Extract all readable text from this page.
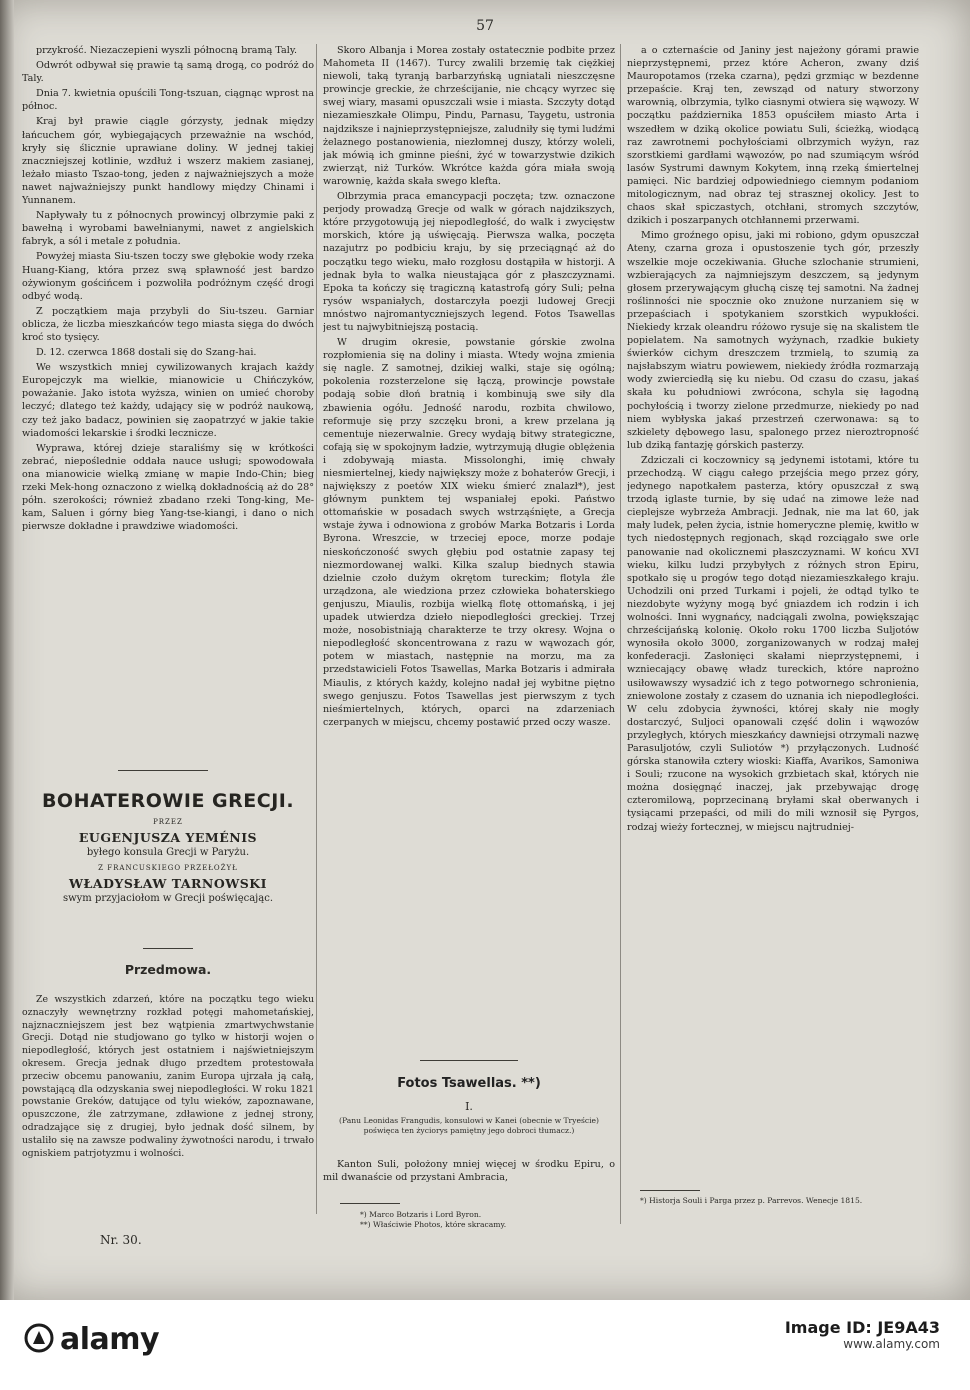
57

przykrość. Niezaczepieni wyszli północną bramą Taly.

Odwrót odbywał się prawie tą samą drogą, co podróż do Taly.

Dnia 7. kwietnia opuścili Tong-tszuan, ciągnąc wprost na północ.

Kraj był prawie ciągle górzysty, jednak między łańcuchem gór, wybiegających przeważnie na wschód, kryły się ślicznie uprawiane doliny. W jednej takiej znaczniejszej kotlinie, wzdłuż i wszerz makiem zasianej, leżało miasto Tszao-tong, jeden z najważniejszych a może nawet najważniejszy punkt handlowy między Chinami i Yunnanem.

Napływały tu z północnych prowincyj olbrzymie paki z bawełną i wyrobami bawełnianymi, nawet z angielskich fabryk, a sól i metale z południa.

Powyżej miasta Siu-tszen toczy swe głębokie wody rzeka Huang-Kiang, która przez swą spławność jest bardzo ożywionym gościńcem i pozwoliła podróżnym część drogi odbyć wodą.

Z początkiem maja przybyli do Siu-tszeu. Garniar oblicza, że liczba mieszkańców tego miasta sięga do dwóch kroć sto tysięcy.

D. 12. czerwca 1868 dostali się do Szang-hai.

We wszystkich mniej cywilizowanych krajach każdy Europejczyk ma wielkie, mianowicie u Chińczyków, poważanie. Jako istota wyższa, winien on umieć choroby leczyć; dlatego też każdy, udający się w podróż naukową, czy też jako badacz, powinien się zaopatrzyć w jakie takie wiadomości lekarskie i środki lecznicze.

Wyprawa, której dzieje staraliśmy się w krótkości zebrać, niepoślednie oddała nauce usługi; spowodowała ona mianowicie wielką zmianę w mapie Indo-Chin; bieg rzeki Mek-hong oznaczono z wielką dokładnością aż do 28° półn. szerokości; również zbadano rzeki Tong-king, Me-kam, Saluen i górny bieg Yang-tse-kiangi, i dano o nich pierwsze dokładne i prawdziwe wiadomości.

BOHATEROWIE GRECJI.
PRZEZ
EUGENJUSZA YEMÉNIS
byłego konsula Grecji w Paryżu.
Z FRANCUSKIEGO PRZEŁOŻYŁ
WŁADYSŁAW TARNOWSKI
swym przyjaciołom w Grecji poświęcając.
Przedmowa.

Ze wszystkich zdarzeń, które na początku tego wieku oznaczyły wewnętrzny rozkład potęgi mahometańskiej, najznaczniejszem jest bez wątpienia zmartwychwstanie Grecji. Dotąd nie studjowano go tylko w historji wojen o niepodległość, których jest ostatniem i najświetniejszym okresem. Grecja jednak długo przedtem protestowała przeciw obcemu panowaniu, zanim Europa ujrzała ją całą, powstającą dla odzyskania swej niepodległości. W roku 1821 powstanie Greków, datujące od tylu wieków, zapoznawane, opuszczone, źle zatrzymane, zdławione z jednej strony, odradzające się z drugiej, było jednak dość silnem, by ustaliło się na zawsze podwaliny żywotności narodu, i trwało ogniskiem patrjotyzmu i wolności.

Nr. 30.

Skoro Albanja i Morea zostały ostatecznie podbite przez Mahometa II (1467). Turcy zwalili brzemię tak ciężkiej niewoli, taką tyranją barbarzyńską ugniatali nieszczęsne prowincje greckie, że chrześcijanie, nie chcący wyrzec się swej wiary, masami opuszczali wsie i miasta. Szczyty dotąd niezamieszkałe Olimpu, Pindu, Parnasu, Taygetu, ustronia najdziksze i najnieprzystępniejsze, zaludniły się tymi ludźmi żelaznego postanowienia, niezłomnej duszy, którzy woleli, jak mówią ich gminne pieśni, żyć w towarzystwie dzikich zwierząt, niż Turków. Wkrótce każda góra miała swoją warownię, każda skała swego klefta.

Olbrzymia praca emancypacji poczęta; tzw. oznaczone perjody prowadzą Grecje od walk w górach najdzikszych, które przygotowują jej niepodległość, do walk i zwycięstw morskich, które ją uświęcają. Pierwsza walka, poczęta nazajutrz po podbiciu kraju, by się przeciągnąć aż do początku tego wieku, mało rozgłosu dostąpiła w historji. A jednak była to walka nieustająca gór z płaszczyznami. Epoka ta kończy się tragiczną katastrofą góry Suli; pełna rysów wspaniałych, dostarczyła poezji ludowej Grecji mnóstwo najromantyczniejszych legend. Fotos Tsawellas jest tu najwybitniejszą postacią.

W drugim okresie, powstanie górskie zwolna rozpłomienia się na doliny i miasta. Wtedy wojna zmienia się nagle. Z samotnej, dzikiej walki, staje się ogólną; pokolenia rozsterzelone się łączą, prowincje powstałe podają sobie dłoń bratnią i kombinują swe siły dla zbawienia ogółu. Jedność narodu, rozbita chwilowo, reformuje się przy szczęku broni, a krew przelana ją cementuje niezerwalnie. Grecy wydają bitwy strategiczne, cofają się w spokojnym ładzie, wytrzymują długie oblężenia i zdobywają miasta. Missolonghi, imię chwały niesmiertelnej, kiedy największy może z bohaterów Grecji, i największy z poetów XIX wieku śmierć znalazł*), jest głównym punktem tej wspaniałej epoki. Państwo ottomańskie w posadach swych wstrząśnięte, a Grecja wstaje żywa i odnowiona z grobów Marka Botzaris i Lorda Byrona. Wreszcie, w trzeciej epoce, morze podaje nieskończoność swych głębiu pod ostatnie zapasy tej niezmordowanej walki. Kilka szalup biednych stawia dzielnie czoło dużym okrętom tureckim; flotyla źle urządzona, ale wiedziona przez człowieka bohaterskiego genjuszu, Miaulis, rozbija wielką flotę ottomańską, i jej upadek utwierdza dzieło niepodległości greckiej. Trzej może, nosobistniają charakterze te trzy okresy. Wojna o niepodległość skoncentrowana z razu w wąwozach gór, potem w miastach, następnie na morzu, ma za przedstawicieli Fotos Tsawellas, Marka Botzaris i admirała Miaulis, z których każdy, kolejno nadał jej wybitne piętno swego genjuszu. Fotos Tsawellas jest pierwszym z tych nieśmiertelnych, których, oparci na zdarzeniach czerpanych w miejscu, chcemy postawić przed oczy wasze.

Fotos Tsawellas. **)
I.
(Panu Leonidas Frangudis, konsulowi w Kanei (obecnie w Tryeście) poświęca ten życiorys pamiętny jego dobroci tłumacz.)

Kanton Suli, położony mniej więcej w środku Epiru, o mil dwanaście od przystani Ambracia,

*) Marco Botzaris i Lord Byron.
**) Właściwie Photos, które skracamy.

a o czternaście od Janiny jest najeżony górami prawie nieprzystępnemi, przez które Acheron, zwany dziś Mauropotamos (rzeka czarna), pędzi grzmiąc w bezdenne przepaście. Kraj ten, zewsząd od natury stworzony warownią, olbrzymia, tylko ciasnymi otwiera się wąwozy. W początku października 1853 opuściłem miasto Arta i wszedłem w dziką okolice powiatu Suli, ścieżką, wiodącą raz zawrotnemi pochyłościami olbrzymich wyżyn, raz szorstkiemi gardłami wąwozów, po nad szumiącym wśród lasów Systrumi dawnym Kokytem, inną rzeką śmiertelnej pamięci. Nic bardziej odpowiedniego ciemnym podaniom mitologicznym, nad obraz tej strasznej okolicy. Jest to chaos skał spiczastych, otchłani, stromych szczytów, dzikich i poszarpanych otchłannemi przerwami.

Mimo groźnego opisu, jaki mi robiono, gdym opuszczał Ateny, czarna groza i opustoszenie tych gór, przeszły wszelkie moje oczekiwania. Głuche szlochanie strumieni, wzbierających za najmniejszym deszczem, są jedynym głosem przerywającym głuchą ciszę tej samotni. Na żadnej roślinności nie spocznie oko znużone nurzaniem się w przepaściach i spotykaniem szorstkich wypukłości. Niekiedy krzak oleandru różowo rysuje się na skalistem tle popielatem. Na samotnych wyżynach, rzadkie bukiety świerków cichym dreszczem trzmielą, to szumią za najsłabszym wiatru powiewem, niekiedy żródła rozmarzają wody zwierciedłą się ku niebu. Od czasu do czasu, jakaś skała ku południowi zwrócona, schyla się łagodną pochyłością i tworzy zielone przedmurze, niekiedy po nad niem wybłyska jakaś przestrzeń czerwonawa: są to szkielety dębowego lasu, spalonego przez nieroztropność lub dziką fantazję górskich pasterzy.

Zdziczali ci koczownicy są jedynemi istotami, które tu przechodzą. W ciągu całego przejścia mego przez góry, jedynego napotkałem pasterza, który opuszczał z swą trzodą iglaste turnie, by się udać na zimowe leże nad cieplejsze wybrzeża Ambracji. Jednak, nie ma lat 60, jak mały ludek, pełen życia, istnie homeryczne plemię, kwitło w tych niedostępnych regjonach, skąd rozciągało swe orle panowanie nad okolicznemi płaszczyznami. W końcu XVI wieku, kilku ludzi przybyłych z różnych stron Epiru, spotkało się u progów tego dotąd niezamieszkałego kraju. Uchodzili oni przed Turkami i pojeli, że odtąd tylko te niezdobyte wyżyny mogą być gniazdem ich rodzin i ich wolności. Inni wygnańcy, nadciągali zwolna, powiększając chrześcijańską kolonię. Około roku 1700 liczba Suljotów wynosiła około 3000, zorganizowanych w rodzaj małej konfederacji. Zasłonięci skałami nieprzystępnemi, i wzniecający obawę władz tureckich, które naprożno usiłowawszy wysadzić ich z tego potwornego schronienia, zniewolone zostały z czasem do uznania ich niepodległości. W celu zdobycia żywności, której skały nie mogły dostarczyć, Suljoci opanowali część dolin i wąwozów przyległych, których mieszkańcy dawniejsi otrzymali nazwę Parasuljotów, czyli Suliotów *) przyłączonych. Ludność górska stanowiła cztery wioski: Kiaffa, Avarikos, Samoniwa i Souli; rzucone na wysokich grzbietach skał, których nie można dosięgnąć inaczej, jak przebywając drogę czteromilową, poprzecinaną bryłami skał oberwanych i tysiącami przepaści, od mili do mili wznosił się Pyrgos, rodzaj wieży fortecznej, w miejscu najtrudniej-

*) Historja Souli i Parga przez p. Parrevos. Wenecje 1815.
alamy	Image ID: JE9A43
www.alamy.com
